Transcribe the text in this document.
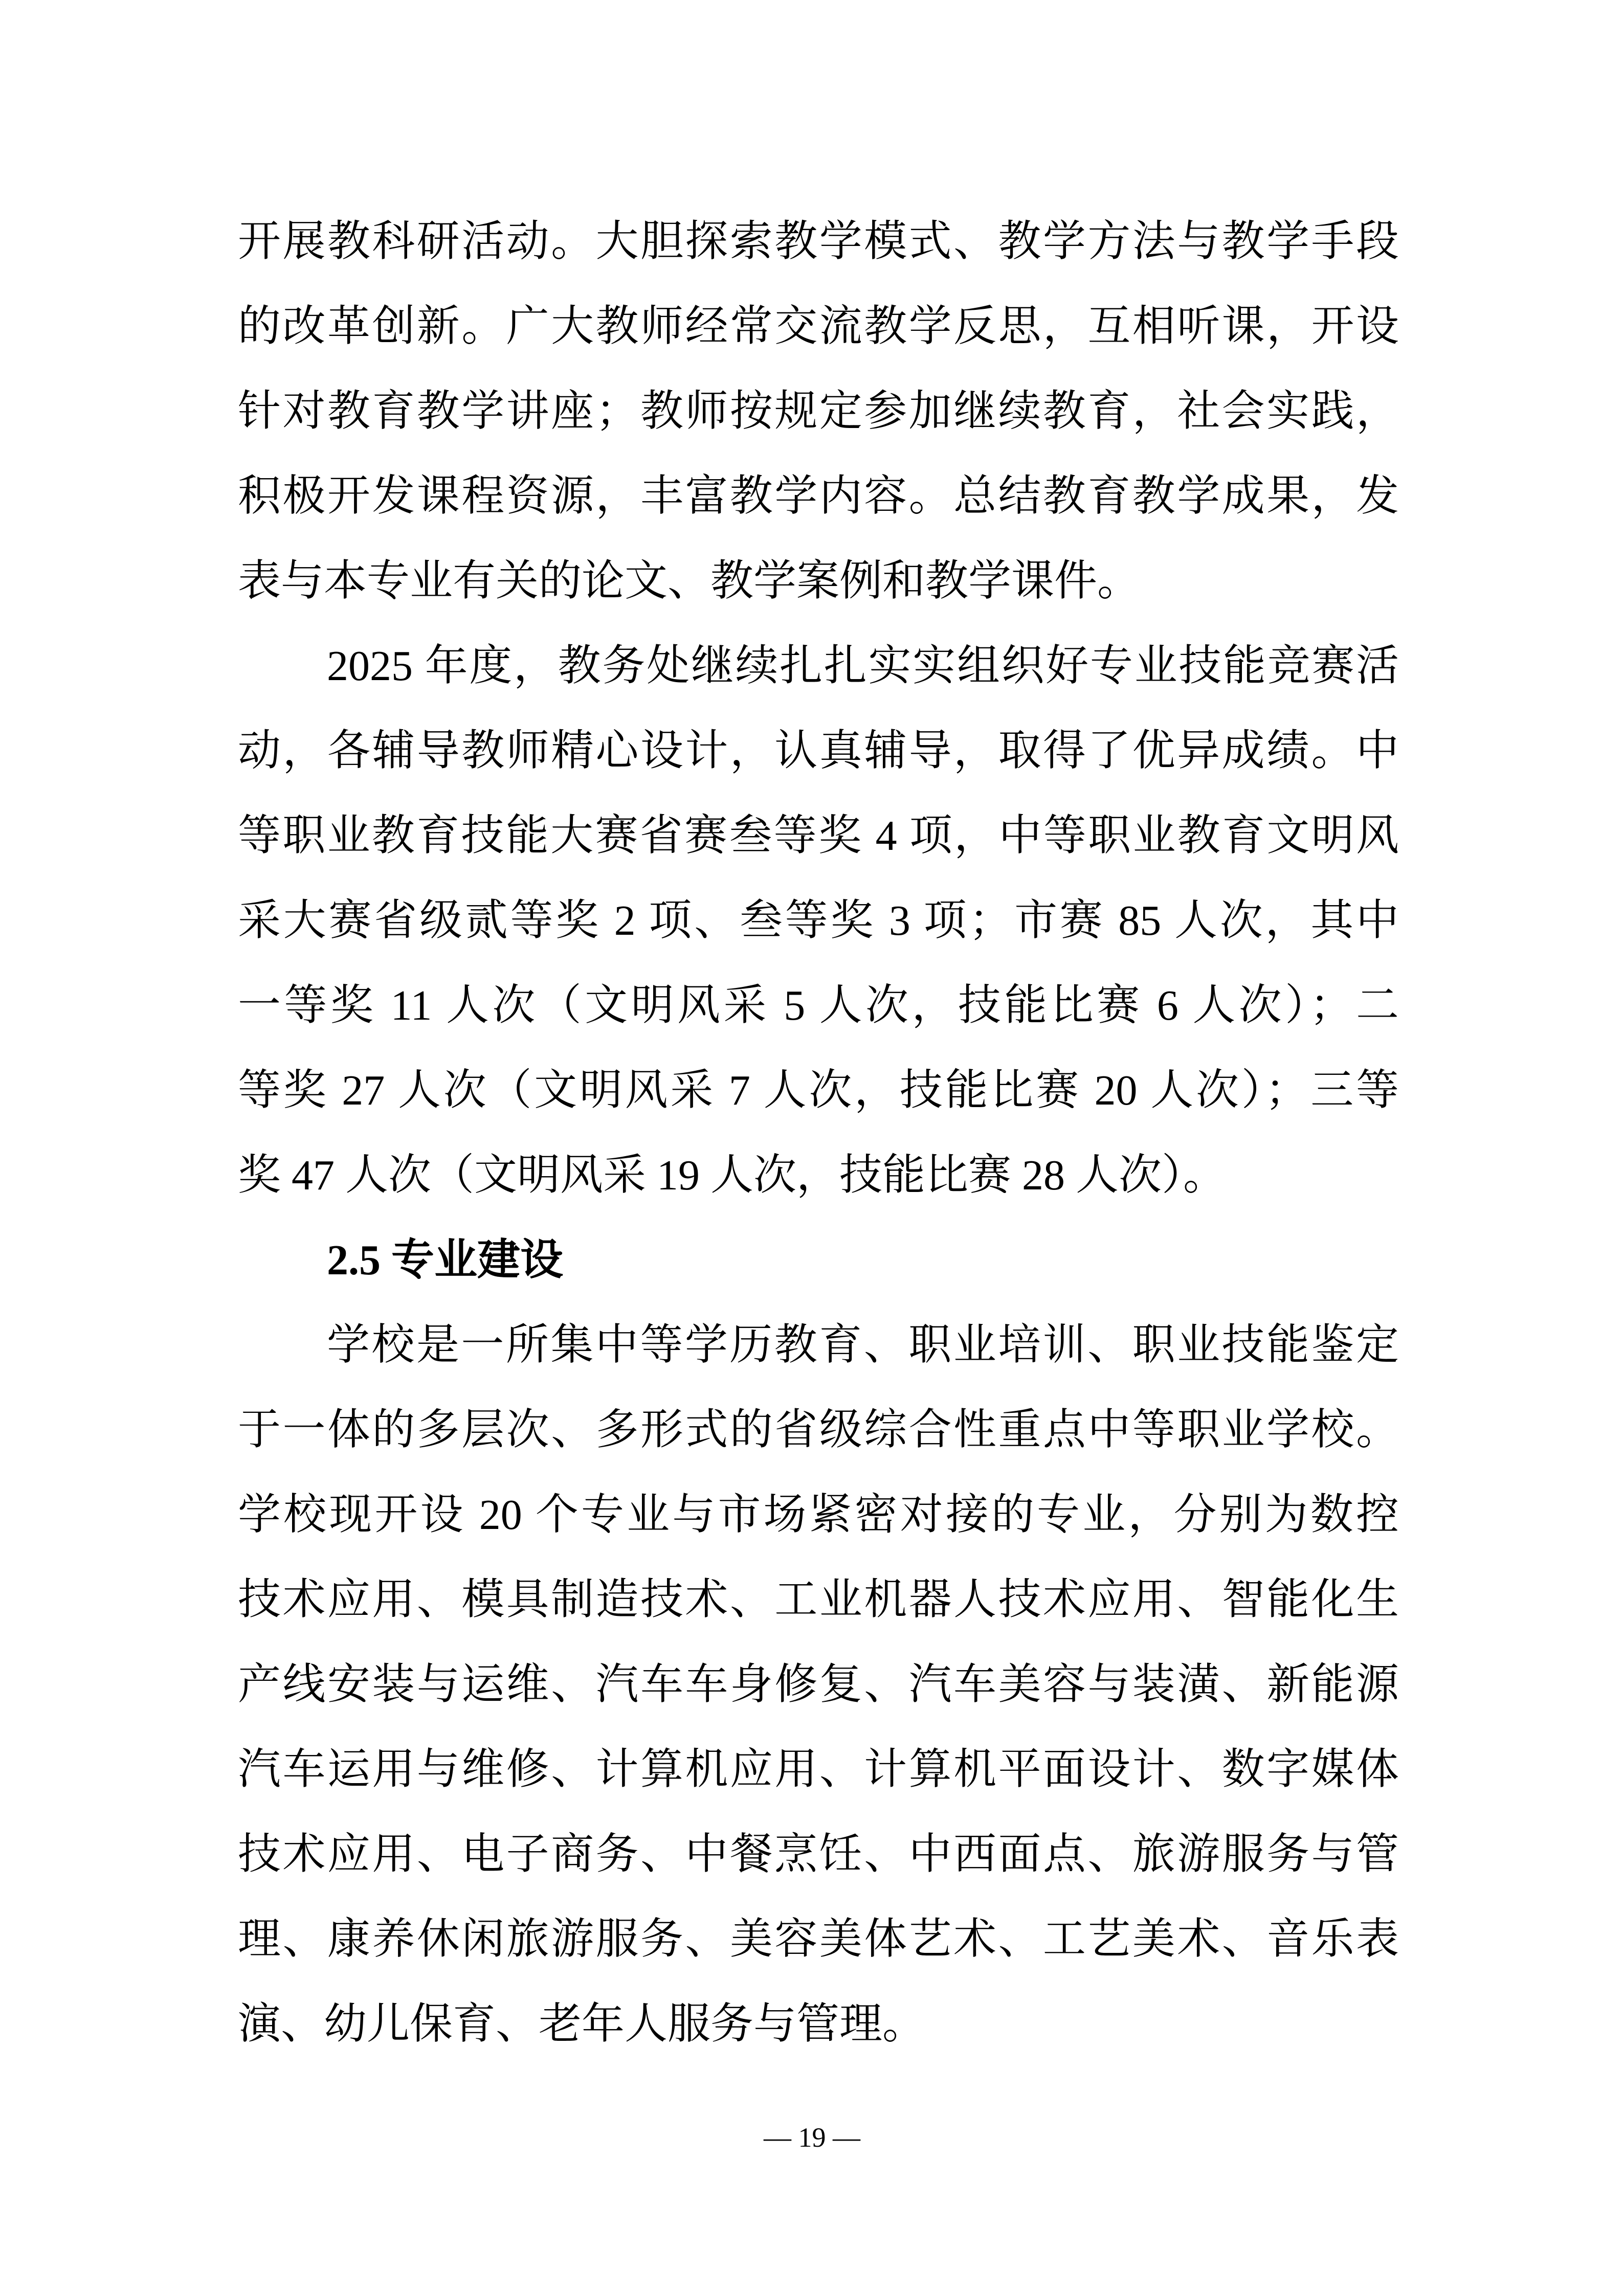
开展教科研活动。大胆探索教学模式、教学方法与教学手段
的改革创新。广大教师经常交流教学反思，互相听课，开设
针对教育教学讲座；教师按规定参加继续教育，社会实践，
积极开发课程资源，丰富教学内容。总结教育教学成果，发
表与本专业有关的论文、教学案例和教学课件。
2025 年度，教务处继续扎扎实实组织好专业技能竞赛活
动，各辅导教师精心设计，认真辅导，取得了优异成绩。中
等职业教育技能大赛省赛叁等奖 4 项，中等职业教育文明风
采大赛省级贰等奖 2 项、叁等奖 3 项；市赛 85 人次，其中
一等奖 11 人次（文明风采 5 人次，技能比赛 6 人次）；二
等奖 27 人次（文明风采 7 人次，技能比赛 20 人次）；三等
奖 47 人次（文明风采 19 人次，技能比赛 28 人次）。
2.5 专业建设
学校是一所集中等学历教育、职业培训、职业技能鉴定
于一体的多层次、多形式的省级综合性重点中等职业学校。
学校现开设 20 个专业与市场紧密对接的专业，分别为数控
技术应用、模具制造技术、工业机器人技术应用、智能化生
产线安装与运维、汽车车身修复、汽车美容与装潢、新能源
汽车运用与维修、计算机应用、计算机平面设计、数字媒体
技术应用、电子商务、中餐烹饪、中西面点、旅游服务与管
理、康养休闲旅游服务、美容美体艺术、工艺美术、音乐表
演、幼儿保育、老年人服务与管理。
— 19 —
